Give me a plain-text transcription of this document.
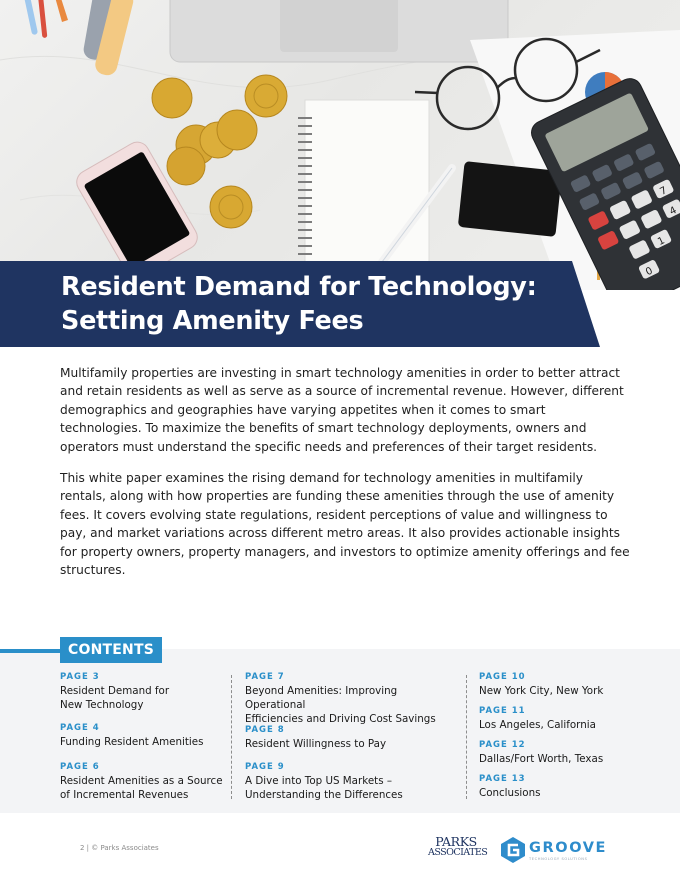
7
4
1
0
Resident Demand for Technology:
Setting Amenity Fees

Multifamily properties are investing in smart technology amenities in order to better attract and retain residents as well as serve as a source of incremental revenue. However, different demographics and geographies have varying appetites when it comes to smart technologies. To maximize the benefits of smart technology deployments, owners and operators must understand the specific needs and preferences of their target residents.

This white paper examines the rising demand for technology amenities in multifamily rentals, along with how properties are funding these amenities through the use of amenity fees. It covers evolving state regulations, resident perceptions of value and willingness to pay, and market variations across different metro areas. It also provides actionable insights for property owners, property managers, and investors to optimize amenity offerings and fee structures.

CONTENTS
PAGE 3
Resident Demand for
New Technology
PAGE 4
Funding Resident Amenities
PAGE 6
Resident Amenities as a Source
of Incremental Revenues
PAGE 7
Beyond Amenities: Improving Operational
Efficiencies and Driving Cost Savings
PAGE 8
Resident Willingness to Pay
PAGE 9
A Dive into Top US Markets –
Understanding the Differences
PAGE 10
New York City, New York
PAGE 11
Los Angeles, California
PAGE 12
Dallas/Fort Worth, Texas
PAGE 13
Conclusions
2 | © Parks Associates	PARKS
ASSOCIATES	GROOVE
TECHNOLOGY SOLUTIONS
